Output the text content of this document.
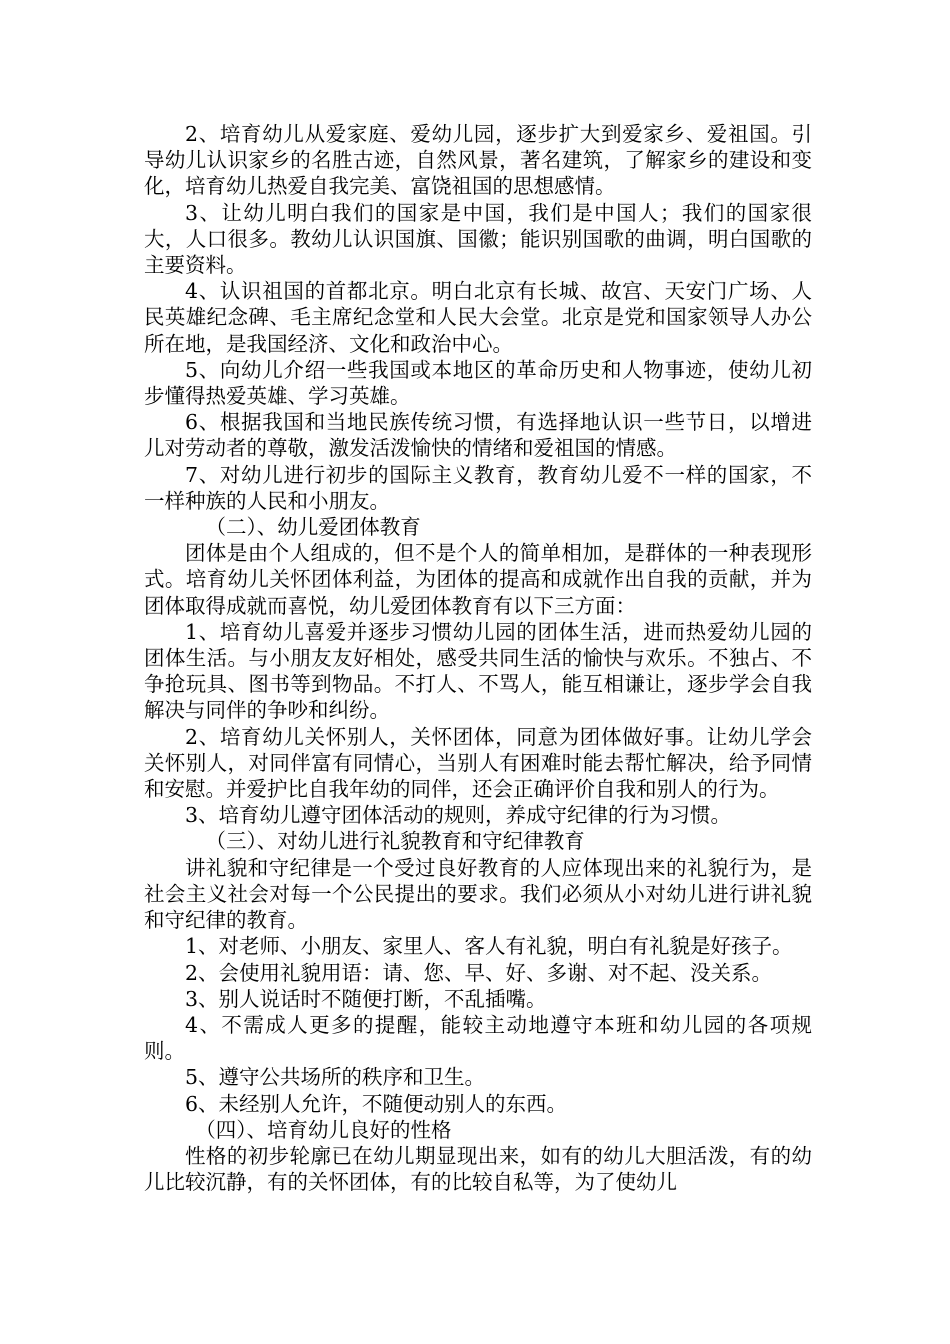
2、培育幼儿从爱家庭、爱幼儿园，逐步扩大到爱家乡、爱祖国。引导幼儿认识家乡的名胜古迹，自然风景，著名建筑，了解家乡的建设和变化，培育幼儿热爱自我完美、富饶祖国的思想感情。

3、让幼儿明白我们的国家是中国，我们是中国人；我们的国家很大，人口很多。教幼儿认识国旗、国徽；能识别国歌的曲调，明白国歌的主要资料。

4、认识祖国的首都北京。明白北京有长城、故宫、天安门广场、人民英雄纪念碑、毛主席纪念堂和人民大会堂。北京是党和国家领导人办公所在地，是我国经济、文化和政治中心。

5、向幼儿介绍一些我国或本地区的革命历史和人物事迹，使幼儿初步懂得热爱英雄、学习英雄。

6、根据我国和当地民族传统习惯，有选择地认识一些节日，以增进儿对劳动者的尊敬，激发活泼愉快的情绪和爱祖国的情感。

7、对幼儿进行初步的国际主义教育，教育幼儿爱不一样的国家，不一样种族的人民和小朋友。

（二）、幼儿爱团体教育

团体是由个人组成的，但不是个人的简单相加，是群体的一种表现形式。培育幼儿关怀团体利益，为团体的提高和成就作出自我的贡献，并为团体取得成就而喜悦，幼儿爱团体教育有以下三方面：

1、培育幼儿喜爱并逐步习惯幼儿园的团体生活，进而热爱幼儿园的团体生活。与小朋友友好相处，感受共同生活的愉快与欢乐。不独占、不争抢玩具、图书等到物品。不打人、不骂人，能互相谦让，逐步学会自我解决与同伴的争吵和纠纷。

2、培育幼儿关怀别人，关怀团体，同意为团体做好事。让幼儿学会关怀别人，对同伴富有同情心，当别人有困难时能去帮忙解决，给予同情和安慰。并爱护比自我年幼的同伴，还会正确评价自我和别人的行为。

3、培育幼儿遵守团体活动的规则，养成守纪律的行为习惯。

（三）、对幼儿进行礼貌教育和守纪律教育

讲礼貌和守纪律是一个受过良好教育的人应体现出来的礼貌行为，是社会主义社会对每一个公民提出的要求。我们必须从小对幼儿进行讲礼貌和守纪律的教育。

1、对老师、小朋友、家里人、客人有礼貌，明白有礼貌是好孩子。

2、会使用礼貌用语：请、您、早、好、多谢、对不起、没关系。

3、别人说话时不随便打断，不乱插嘴。

4、不需成人更多的提醒，能较主动地遵守本班和幼儿园的各项规则。

5、遵守公共场所的秩序和卫生。

6、未经别人允许，不随便动别人的东西。

（四）、培育幼儿良好的性格

性格的初步轮廓已在幼儿期显现出来，如有的幼儿大胆活泼，有的幼儿比较沉静，有的关怀团体，有的比较自私等，为了使幼儿
